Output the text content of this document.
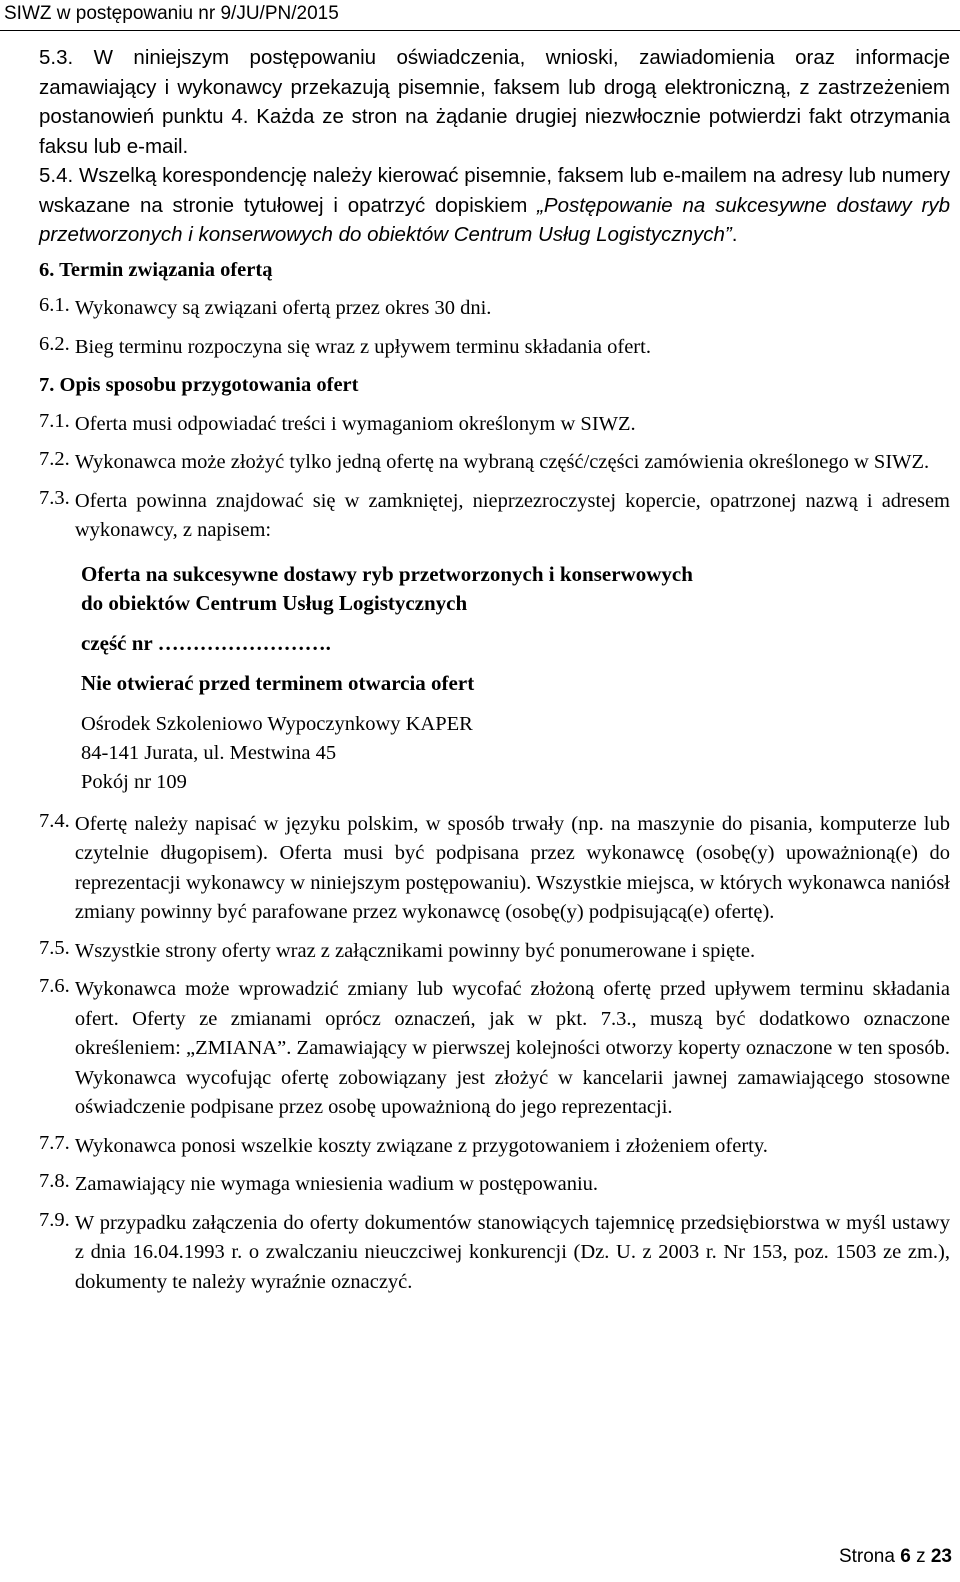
SIWZ w postępowaniu nr 9/JU/PN/2015

5.3. W niniejszym postępowaniu oświadczenia, wnioski, zawiadomienia oraz informacje zamawiający i wykonawcy przekazują pisemnie, faksem lub drogą elektroniczną, z zastrzeżeniem postanowień punktu 4. Każda ze stron na żądanie drugiej niezwłocznie potwierdzi fakt otrzymania faksu lub e-mail.

5.4. Wszelką korespondencję należy kierować pisemnie, faksem lub e-mailem na adresy lub numery wskazane na stronie tytułowej i opatrzyć dopiskiem „Postępowanie na sukcesywne dostawy ryb przetworzonych i konserwowych do obiektów Centrum Usług Logistycznych”.

6. Termin związania ofertą

6.1. Wykonawcy są związani ofertą przez okres 30 dni.

6.2. Bieg terminu rozpoczyna się wraz z upływem terminu składania ofert.

7. Opis sposobu przygotowania ofert

7.1. Oferta musi odpowiadać treści i wymaganiom określonym w SIWZ.

7.2. Wykonawca może złożyć tylko jedną ofertę na wybraną część/części zamówienia określonego w SIWZ.

7.3. Oferta powinna znajdować się w zamkniętej, nieprzezroczystej kopercie, opatrzonej nazwą i adresem wykonawcy, z napisem:

Oferta na sukcesywne dostawy ryb przetworzonych i konserwowych

do obiektów Centrum Usług Logistycznych

część nr …………………….

Nie otwierać przed terminem otwarcia ofert

Ośrodek Szkoleniowo Wypoczynkowy KAPER

84-141 Jurata, ul. Mestwina 45

Pokój nr 109

7.4. Ofertę należy napisać w języku polskim, w sposób trwały (np. na maszynie do pisania, komputerze lub czytelnie długopisem). Oferta musi być podpisana przez wykonawcę (osobę(y) upoważnioną(e) do reprezentacji wykonawcy w niniejszym postępowaniu). Wszystkie miejsca, w których wykonawca naniósł zmiany powinny być parafowane przez wykonawcę (osobę(y) podpisującą(e) ofertę).

7.5. Wszystkie strony oferty wraz z załącznikami powinny być ponumerowane i spięte.

7.6. Wykonawca może wprowadzić zmiany lub wycofać złożoną ofertę przed upływem terminu składania ofert. Oferty ze zmianami oprócz oznaczeń, jak w pkt. 7.3., muszą być dodatkowo oznaczone określeniem: „ZMIANA”. Zamawiający w pierwszej kolejności otworzy koperty oznaczone w ten sposób. Wykonawca wycofując ofertę zobowiązany jest złożyć w kancelarii jawnej zamawiającego stosowne oświadczenie podpisane przez osobę upoważnioną do jego reprezentacji.

7.7. Wykonawca ponosi wszelkie koszty związane z przygotowaniem i złożeniem oferty.

7.8. Zamawiający nie wymaga wniesienia wadium w postępowaniu.

7.9. W przypadku załączenia do oferty dokumentów stanowiących tajemnicę przedsiębiorstwa w myśl ustawy z dnia 16.04.1993 r. o zwalczaniu nieuczciwej konkurencji (Dz. U. z 2003 r. Nr 153, poz. 1503 ze zm.), dokumenty te należy wyraźnie oznaczyć.

Strona 6 z 23
